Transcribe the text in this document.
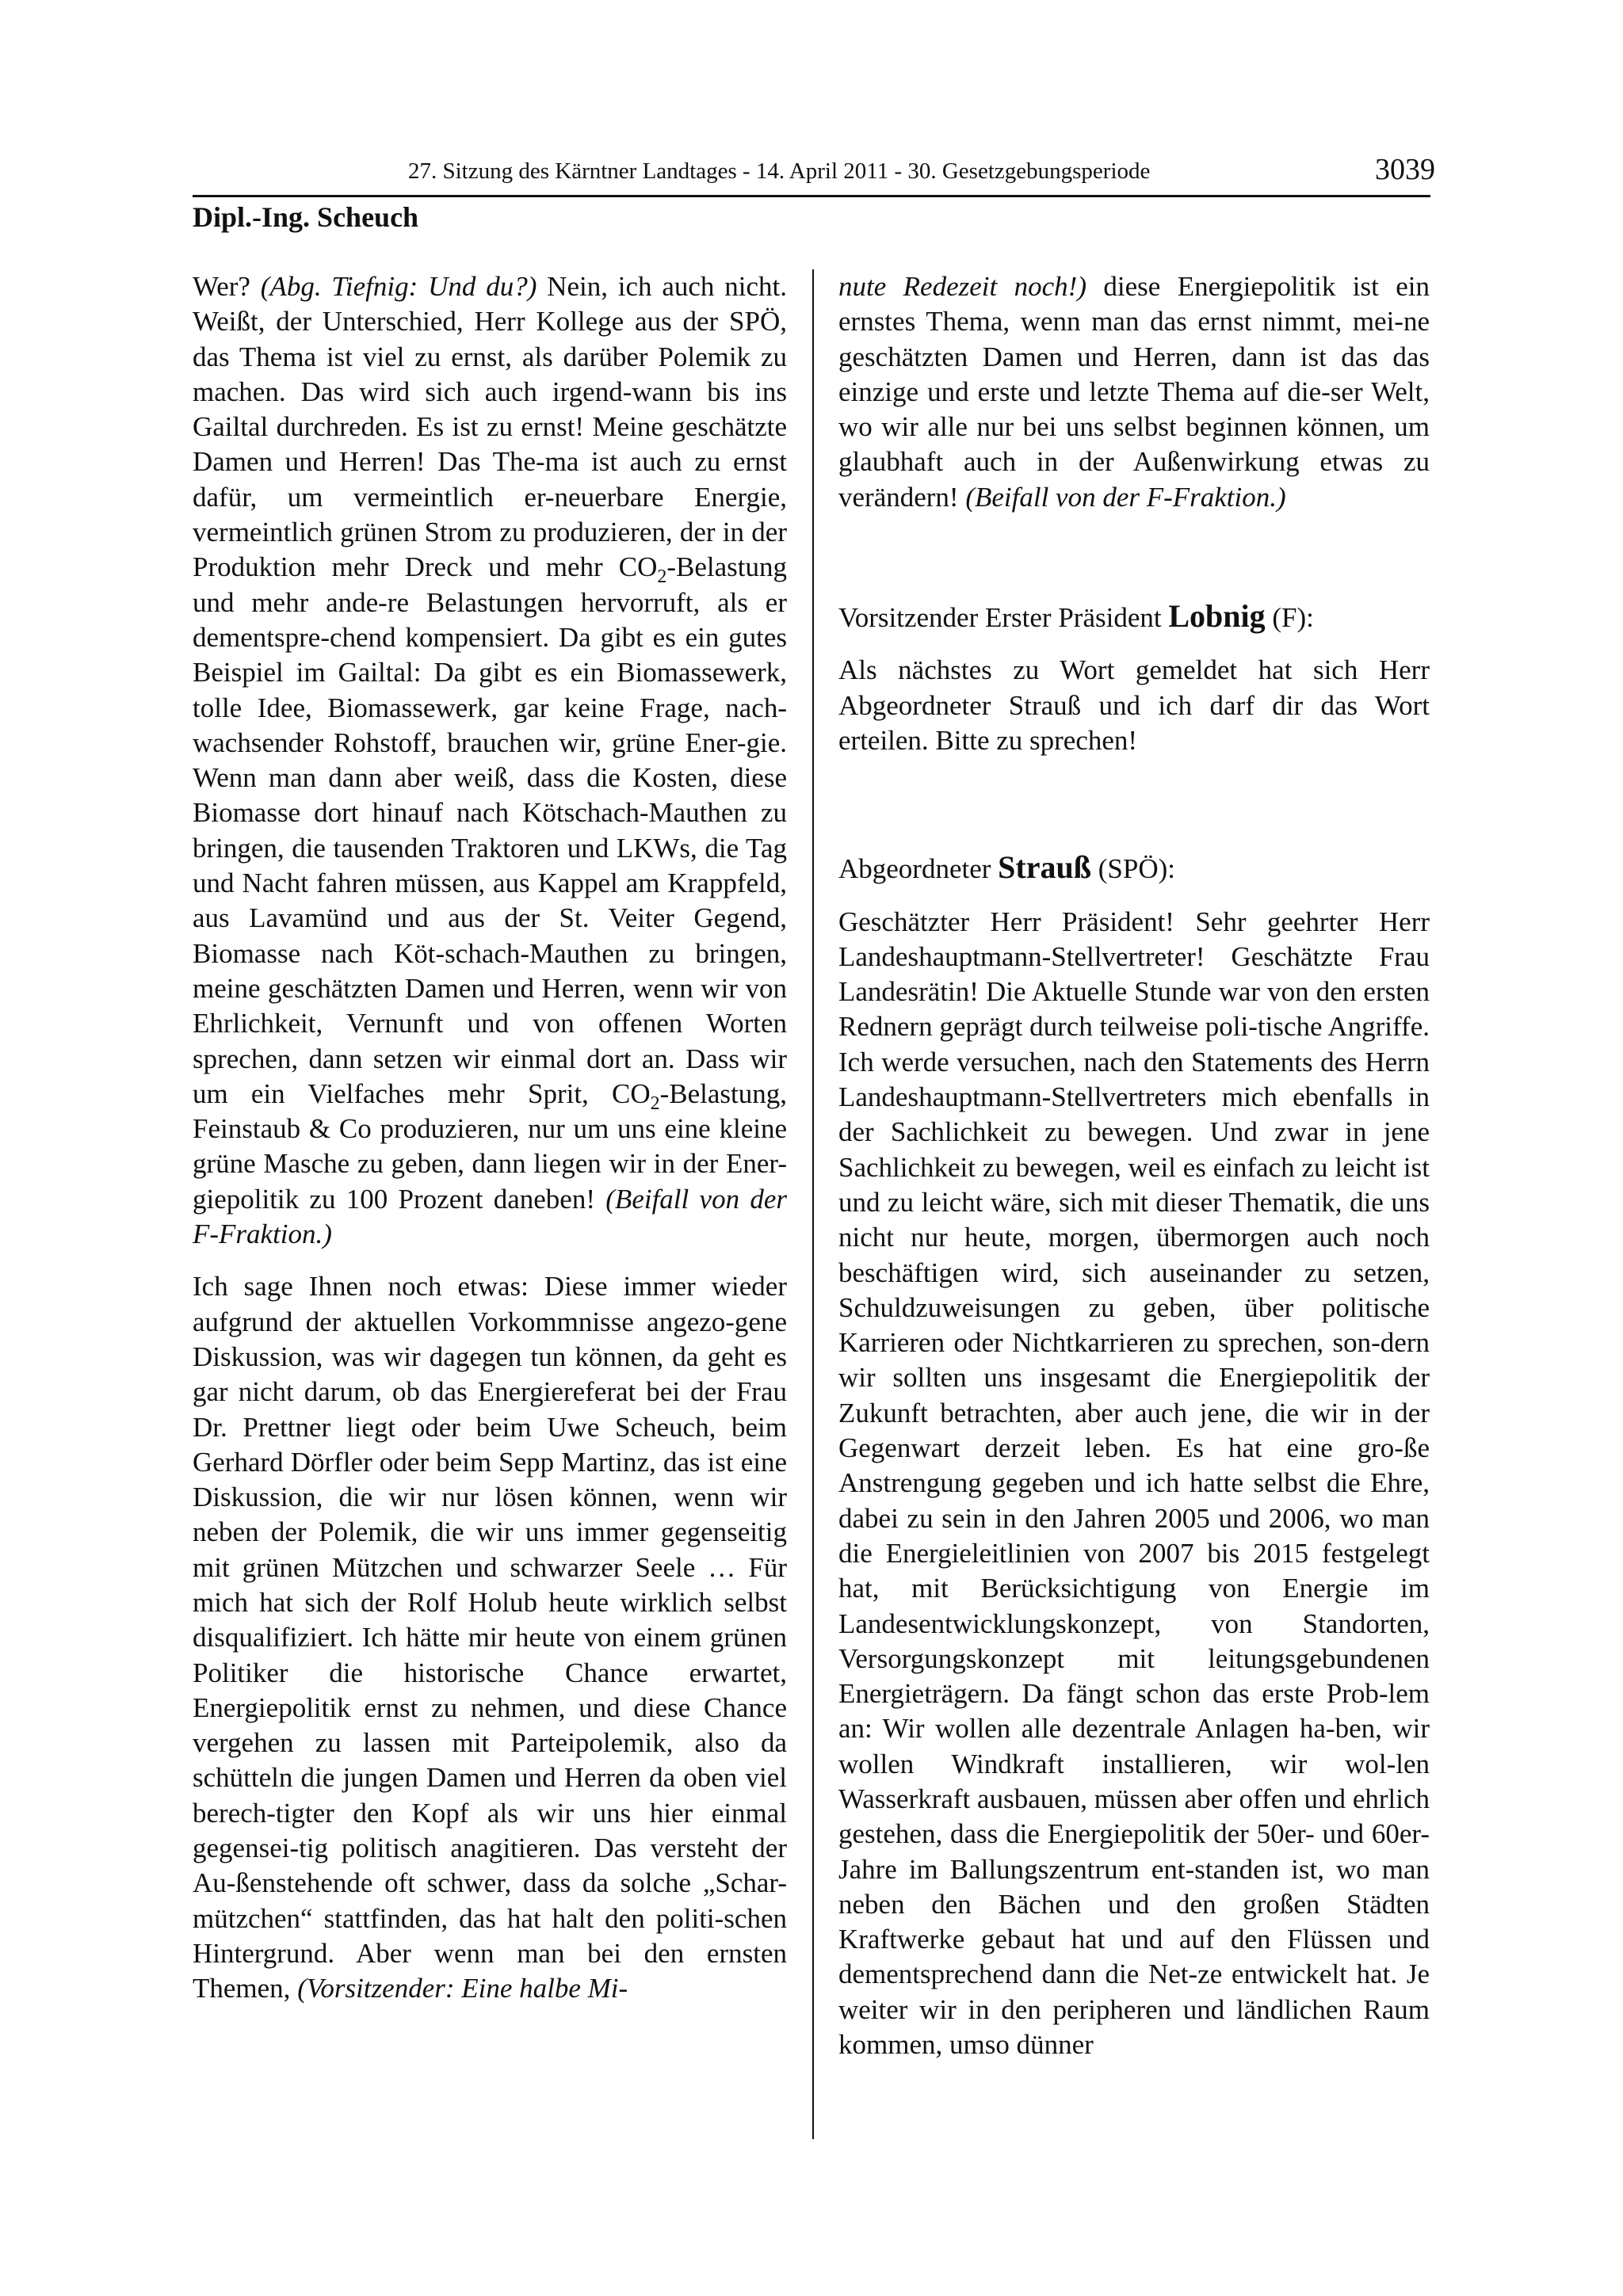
27. Sitzung des Kärntner Landtages - 14. April 2011 - 30. Gesetzgebungsperiode	3039
Dipl.-Ing. Scheuch

Wer? (Abg. Tiefnig: Und du?) Nein, ich auch nicht. Weißt, der Unterschied, Herr Kollege aus der SPÖ, das Thema ist viel zu ernst, als darüber Polemik zu machen. Das wird sich auch irgend-wann bis ins Gailtal durchreden. Es ist zu ernst! Meine geschätzte Damen und Herren! Das The-ma ist auch zu ernst dafür, um vermeintlich er-neuerbare Energie, vermeintlich grünen Strom zu produzieren, der in der Produktion mehr Dreck und mehr $CO_2$-Belastung und mehr ande-re Belastungen hervorruft, als er dementspre-chend kompensiert. Da gibt es ein gutes Beispiel im Gailtal: Da gibt es ein Biomassewerk, tolle Idee, Biomassewerk, gar keine Frage, nach-wachsender Rohstoff, brauchen wir, grüne Ener-gie. Wenn man dann aber weiß, dass die Kosten, diese Biomasse dort hinauf nach Kötschach-Mauthen zu bringen, die tausenden Traktoren und LKWs, die Tag und Nacht fahren müssen, aus Kappel am Krappfeld, aus Lavamünd und aus der St. Veiter Gegend, Biomasse nach Köt-schach-Mauthen zu bringen, meine geschätzten Damen und Herren, wenn wir von Ehrlichkeit, Vernunft und von offenen Worten sprechen, dann setzen wir einmal dort an. Dass wir um ein Vielfaches mehr Sprit, $CO_2$-Belastung, Feinstaub & Co produzieren, nur um uns eine kleine grüne Masche zu geben, dann liegen wir in der Ener-giepolitik zu 100 Prozent daneben! (Beifall von der F-Fraktion.)

Ich sage Ihnen noch etwas: Diese immer wieder aufgrund der aktuellen Vorkommnisse angezo-gene Diskussion, was wir dagegen tun können, da geht es gar nicht darum, ob das Energiereferat bei der Frau Dr. Prettner liegt oder beim Uwe Scheuch, beim Gerhard Dörfler oder beim Sepp Martinz, das ist eine Diskussion, die wir nur lösen können, wenn wir neben der Polemik, die wir uns immer gegenseitig mit grünen Mützchen und schwarzer Seele … Für mich hat sich der Rolf Holub heute wirklich selbst disqualifiziert. Ich hätte mir heute von einem grünen Politiker die historische Chance erwartet, Energiepolitik ernst zu nehmen, und diese Chance vergehen zu lassen mit Parteipolemik, also da schütteln die jungen Damen und Herren da oben viel berech-tigter den Kopf als wir uns hier einmal gegensei-tig politisch anagitieren. Das versteht der Au-ßenstehende oft schwer, dass da solche „Schar-mützchen“ stattfinden, das hat halt den politi-schen Hintergrund. Aber wenn man bei den ernsten Themen, (Vorsitzender: Eine halbe Mi-

nute Redezeit noch!) diese Energiepolitik ist ein ernstes Thema, wenn man das ernst nimmt, mei-ne geschätzten Damen und Herren, dann ist das das einzige und erste und letzte Thema auf die-ser Welt, wo wir alle nur bei uns selbst beginnen können, um glaubhaft auch in der Außenwirkung etwas zu verändern! (Beifall von der F-Fraktion.)

Vorsitzender Erster Präsident Lobnig (F):

Als nächstes zu Wort gemeldet hat sich Herr Abgeordneter Strauß und ich darf dir das Wort erteilen. Bitte zu sprechen!

Abgeordneter Strauß (SPÖ):

Geschätzter Herr Präsident! Sehr geehrter Herr Landeshauptmann-Stellvertreter! Geschätzte Frau Landesrätin! Die Aktuelle Stunde war von den ersten Rednern geprägt durch teilweise poli-tische Angriffe. Ich werde versuchen, nach den Statements des Herrn Landeshauptmann-Stellvertreters mich ebenfalls in der Sachlichkeit zu bewegen. Und zwar in jene Sachlichkeit zu bewegen, weil es einfach zu leicht ist und zu leicht wäre, sich mit dieser Thematik, die uns nicht nur heute, morgen, übermorgen auch noch beschäftigen wird, sich auseinander zu setzen, Schuldzuweisungen zu geben, über politische Karrieren oder Nichtkarrieren zu sprechen, son-dern wir sollten uns insgesamt die Energiepolitik der Zukunft betrachten, aber auch jene, die wir in der Gegenwart derzeit leben. Es hat eine gro-ße Anstrengung gegeben und ich hatte selbst die Ehre, dabei zu sein in den Jahren 2005 und 2006, wo man die Energieleitlinien von 2007 bis 2015 festgelegt hat, mit Berücksichtigung von Energie im Landesentwicklungskonzept, von Standorten, Versorgungskonzept mit leitungsgebundenen Energieträgern. Da fängt schon das erste Prob-lem an: Wir wollen alle dezentrale Anlagen ha-ben, wir wollen Windkraft installieren, wir wol-len Wasserkraft ausbauen, müssen aber offen und ehrlich gestehen, dass die Energiepolitik der 50er- und 60er-Jahre im Ballungszentrum ent-standen ist, wo man neben den Bächen und den großen Städten Kraftwerke gebaut hat und auf den Flüssen und dementsprechend dann die Net-ze entwickelt hat. Je weiter wir in den peripheren und ländlichen Raum kommen, umso dünner
